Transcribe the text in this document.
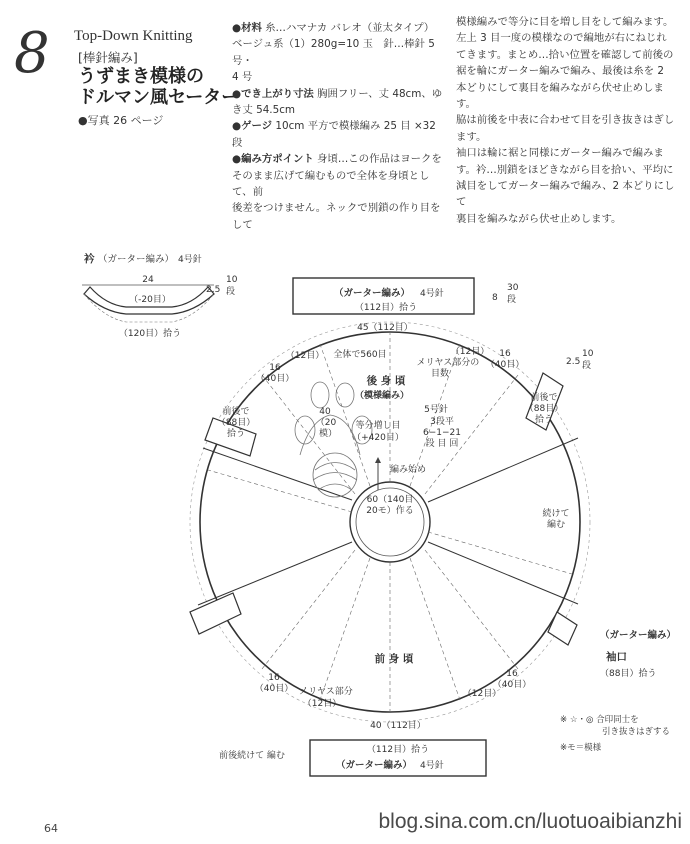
8 Top-Down Knitting
[棒針編み]
うずまき模様の
ドルマン風セーター
●写真 26 ページ

●材料 糸…ハマナカ バレオ（並太タイプ）

ベージュ系（1）280g=10 玉　針…棒針 5 号・

4 号

●でき上がり寸法 胸囲フリー、丈 48cm、ゆ

き丈 54.5cm

●ゲージ 10cm 平方で模様編み 25 目 ×32

段

●編み方ポイント 身頃…この作品はヨークを

そのまま広げて編むもので全体を身頃として、前

後差をつけません。ネックで別鎖の作り目をして

模様編みで等分に目を増し目をして編みます。

左上 3 目一度の模様なので編地が右にねじれ

てきます。まとめ…拾い位置を確認して前後の

裾を輪にガーター編みで編み、最後は糸を 2

本どりにして裏目を編みながら伏せ止めします。

脇は前後を中表に合わせて目を引き抜きはぎします。

袖口は輪に裾と同様にガーター編みで編みま

す。衿…別鎖をほどきながら目を拾い、平均に

減目をしてガーター編みで編み、2 本どりにして

裏目を編みながら伏せ止めします。

衿 （ガーター編み） 4号針
24
（-20目）
（120目）拾う
2.5
10
段	（ガーター編み） 4号針
（112目）拾う
8
30
段
（112目）拾う
（ガーター編み） 4号針
前後続けて 編む
45（112目）
全体で560目
（12目）	（12目）
16
（40目）
16
（40目）
メリヤス部分の
目数
後 身 頃
（模様編み）
40
（20
模）
5号針
等分増し目
（+420目）
3段平
6−1−21
段 目 回
編み始め
60（140目
20モ）作る
前後で
（88目）
拾う
前後で
（88目）
拾う
2.5
10
段
続けて
編む
前 身 頃
16
（40目）
16
（40目）
メリヤス部分
（12目）
（12目）
40（112目）
（ガーター編み）
袖口
（88目）拾う
※ ☆・◎ 合印同士を
引き抜きはぎする
※モ＝模様
64	blog.sina.com.cn/luotuoaibianzhi
